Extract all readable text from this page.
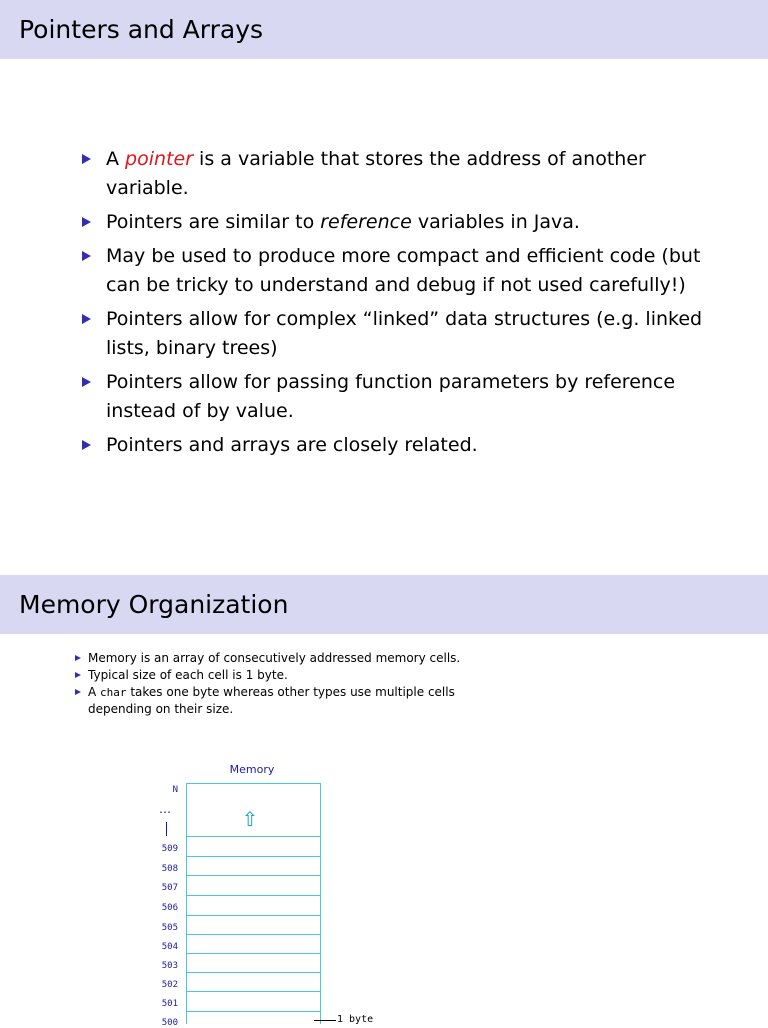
Pointers and Arrays
A pointer is a variable that stores the address of another variable.
Pointers are similar to reference variables in Java.
May be used to produce more compact and efficient code (but can be tricky to understand and debug if not used carefully!)
Pointers allow for complex “linked” data structures (e.g. linked lists, binary trees)
Pointers allow for passing function parameters by reference instead of by value.
Pointers and arrays are closely related.
Memory Organization
Memory is an array of consecutively addressed memory cells.
Typical size of each cell is 1 byte.
A char takes one byte whereas other types use multiple cells depending on their size.
Memory
N
…	⇧
1 byte
509
508
507
506
505
504
503
502
501
500
